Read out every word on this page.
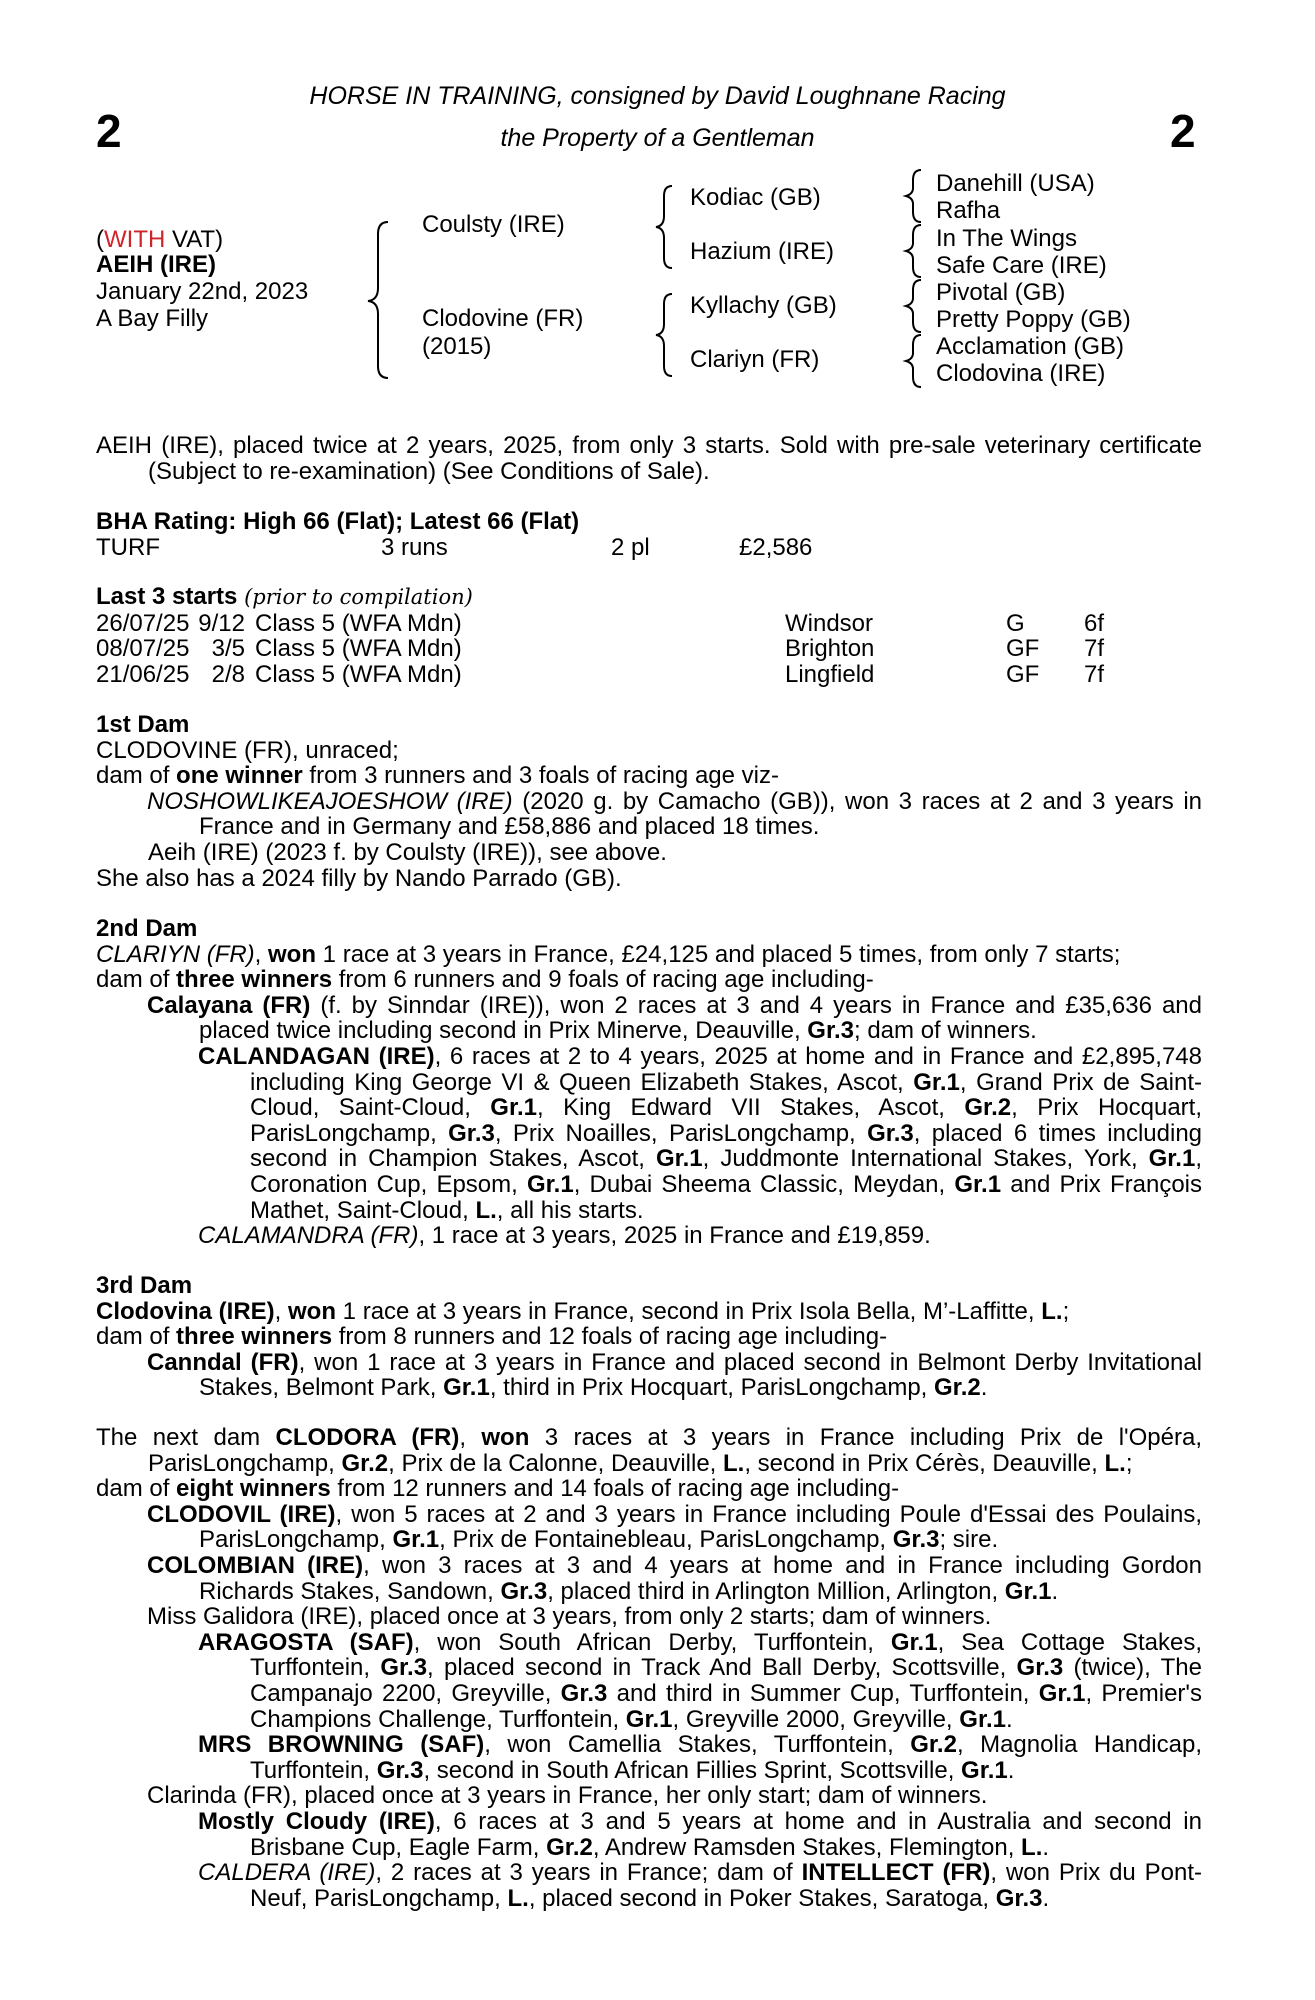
2	2
HORSE IN TRAINING, consigned by David Loughnane Racing
the Property of a Gentleman
(WITH VAT)
AEIH (IRE)
January 22nd, 2023
A Bay Filly
Coulsty (IRE)
Clodovine (FR)
(2015)
Kodiac (GB)
Hazium (IRE)
Kyllachy (GB)
Clariyn (FR)
Danehill (USA)
Rafha
In The Wings
Safe Care (IRE)
Pivotal (GB)
Pretty Poppy (GB)
Acclamation (GB)
Clodovina (IRE)

AEIH (IRE), placed twice at 2 years, 2025, from only 3 starts. Sold with pre-sale veterinary certificate (Subject to re-examination) (See Conditions of Sale).

BHA Rating: High 66 (Flat); Latest 66 (Flat)
TURF	3 runs	2 pl	£2,586
Last 3 starts (prior to compilation)
26/07/25	9/12	Class 5 (WFA Mdn)	Windsor	G	6f
08/07/25	3/5	Class 5 (WFA Mdn)	Brighton	GF	7f
21/06/25	2/8	Class 5 (WFA Mdn)	Lingfield	GF	7f
1st Dam

CLODOVINE (FR), unraced;

dam of one winner from 3 runners and 3 foals of racing age viz-

NOSHOWLIKEAJOESHOW (IRE) (2020 g. by Camacho (GB)), won 3 races at 2 and 3 years in France and in Germany and £58,886 and placed 18 times.

Aeih (IRE) (2023 f. by Coulsty (IRE)), see above.

She also has a 2024 filly by Nando Parrado (GB).

2nd Dam

CLARIYN (FR), won 1 race at 3 years in France, £24,125 and placed 5 times, from only 7 starts;

dam of three winners from 6 runners and 9 foals of racing age including-

Calayana (FR) (f. by Sinndar (IRE)), won 2 races at 3 and 4 years in France and £35,636 and placed twice including second in Prix Minerve, Deauville, Gr.3; dam of winners.

CALANDAGAN (IRE), 6 races at 2 to 4 years, 2025 at home and in France and £2,895,748 including King George VI & Queen Elizabeth Stakes, Ascot, Gr.1, Grand Prix de Saint-Cloud, Saint-Cloud, Gr.1, King Edward VII Stakes, Ascot, Gr.2, Prix Hocquart, ParisLongchamp, Gr.3, Prix Noailles, ParisLongchamp, Gr.3, placed 6 times including second in Champion Stakes, Ascot, Gr.1, Juddmonte International Stakes, York, Gr.1, Coronation Cup, Epsom, Gr.1, Dubai Sheema Classic, Meydan, Gr.1 and Prix François Mathet, Saint-Cloud, L., all his starts.

CALAMANDRA (FR), 1 race at 3 years, 2025 in France and £19,859.

3rd Dam

Clodovina (IRE), won 1 race at 3 years in France, second in Prix Isola Bella, M’-Laffitte, L.;

dam of three winners from 8 runners and 12 foals of racing age including-

Canndal (FR), won 1 race at 3 years in France and placed second in Belmont Derby Invitational Stakes, Belmont Park, Gr.1, third in Prix Hocquart, ParisLongchamp, Gr.2.

The next dam CLODORA (FR), won 3 races at 3 years in France including Prix de l'Opéra, ParisLongchamp, Gr.2, Prix de la Calonne, Deauville, L., second in Prix Cérès, Deauville, L.;

dam of eight winners from 12 runners and 14 foals of racing age including-

CLODOVIL (IRE), won 5 races at 2 and 3 years in France including Poule d'Essai des Poulains, ParisLongchamp, Gr.1, Prix de Fontainebleau, ParisLongchamp, Gr.3; sire.

COLOMBIAN (IRE), won 3 races at 3 and 4 years at home and in France including Gordon Richards Stakes, Sandown, Gr.3, placed third in Arlington Million, Arlington, Gr.1.

Miss Galidora (IRE), placed once at 3 years, from only 2 starts; dam of winners.

ARAGOSTA (SAF), won South African Derby, Turffontein, Gr.1, Sea Cottage Stakes, Turffontein, Gr.3, placed second in Track And Ball Derby, Scottsville, Gr.3 (twice), The Campanajo 2200, Greyville, Gr.3 and third in Summer Cup, Turffontein, Gr.1, Premier's Champions Challenge, Turffontein, Gr.1, Greyville 2000, Greyville, Gr.1.

MRS BROWNING (SAF), won Camellia Stakes, Turffontein, Gr.2, Magnolia Handicap, Turffontein, Gr.3, second in South African Fillies Sprint, Scottsville, Gr.1.

Clarinda (FR), placed once at 3 years in France, her only start; dam of winners.

Mostly Cloudy (IRE), 6 races at 3 and 5 years at home and in Australia and second in Brisbane Cup, Eagle Farm, Gr.2, Andrew Ramsden Stakes, Flemington, L..

CALDERA (IRE), 2 races at 3 years in France; dam of INTELLECT (FR), won Prix du Pont-Neuf, ParisLongchamp, L., placed second in Poker Stakes, Saratoga, Gr.3.
